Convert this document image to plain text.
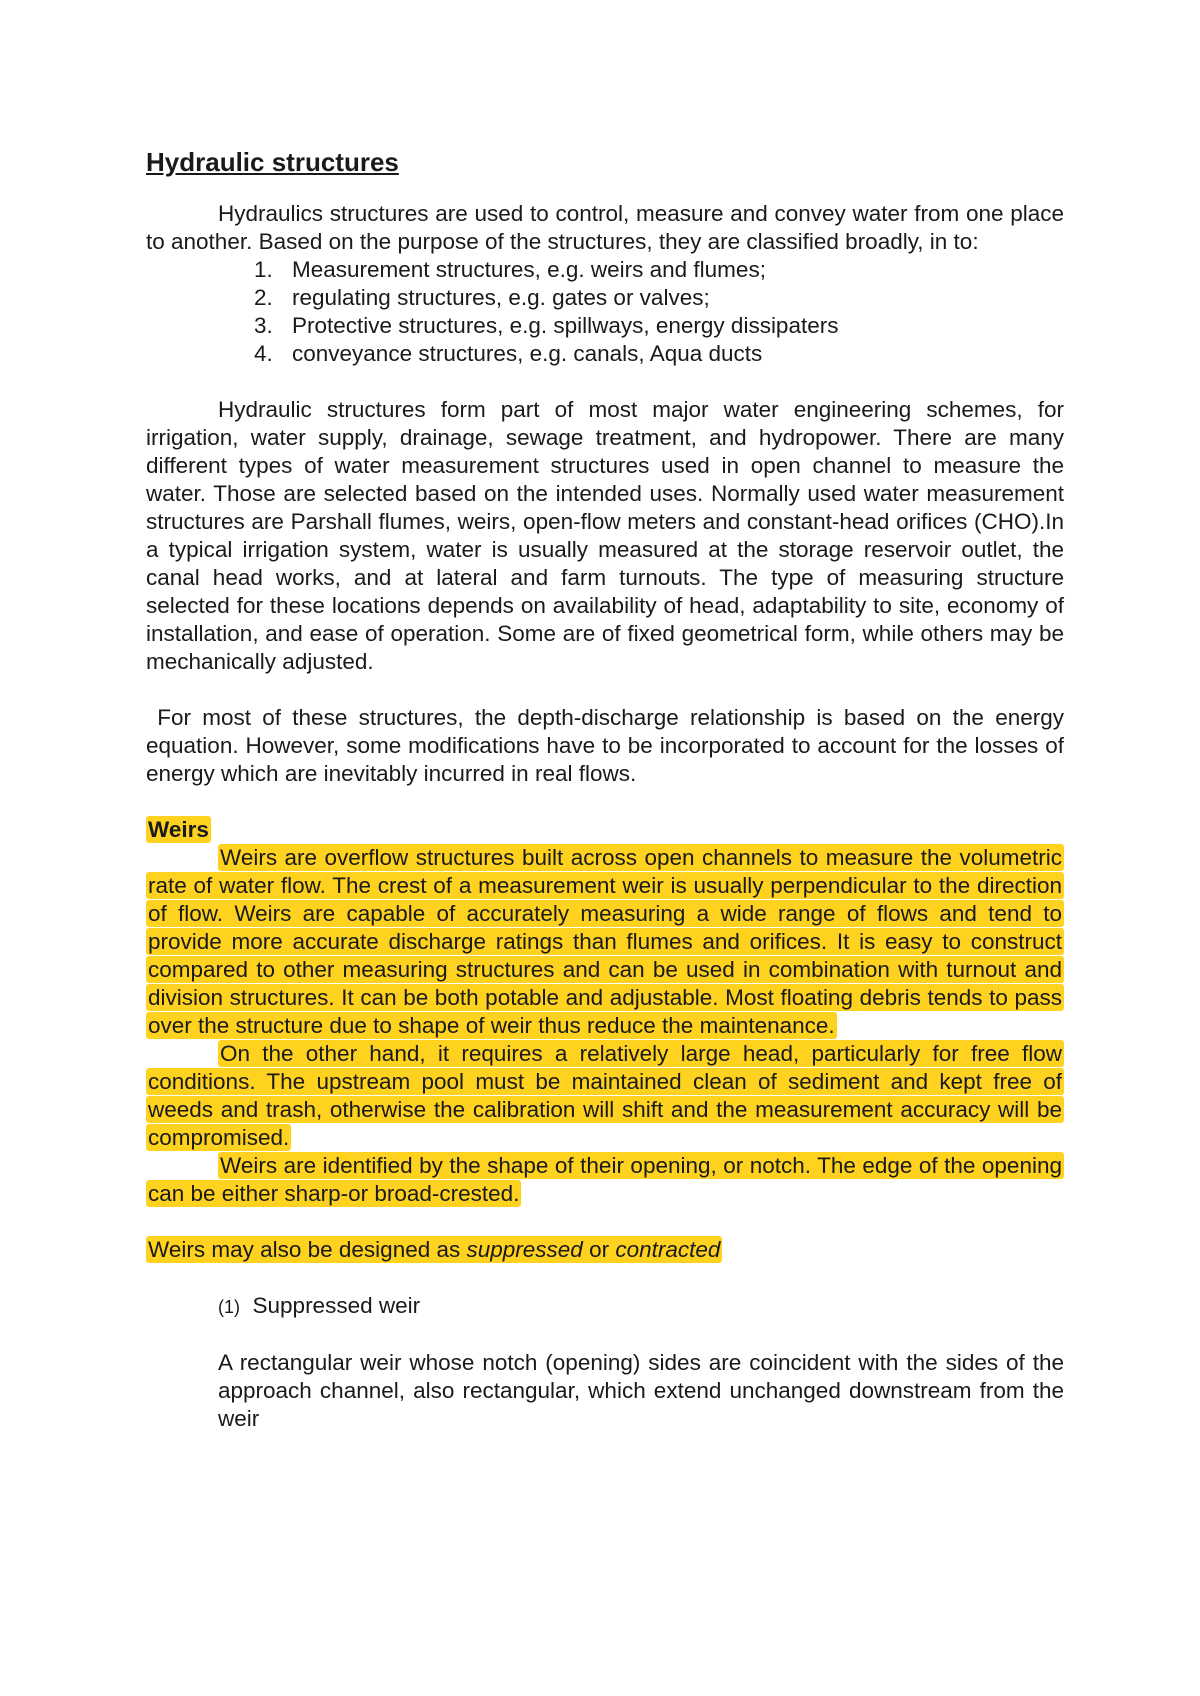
Hydraulic structures

Hydraulics structures are used to control, measure and convey water from one place to another. Based on the purpose of the structures, they are classified broadly, in to:

1. Measurement structures, e.g. weirs and flumes;
2. regulating structures, e.g. gates or valves;
3. Protective structures, e.g. spillways, energy dissipaters
4. conveyance structures, e.g. canals, Aqua ducts

Hydraulic structures form part of most major water engineering schemes, for irrigation, water supply, drainage, sewage treatment, and hydropower. There are many different types of water measurement structures used in open channel to measure the water. Those are selected based on the intended uses. Normally used water measurement structures are Parshall flumes, weirs, open-flow meters and constant-head orifices (CHO).In a typical irrigation system, water is usually measured at the storage reservoir outlet, the canal head works, and at lateral and farm turnouts. The type of measuring structure selected for these locations depends on availability of head, adaptability to site, economy of installation, and ease of operation. Some are of fixed geometrical form, while others may be mechanically adjusted.

For most of these structures, the depth-discharge relationship is based on the energy equation. However, some modifications have to be incorporated to account for the losses of energy which are inevitably incurred in real flows.

Weirs

Weirs are overflow structures built across open channels to measure the volumetric rate of water flow. The crest of a measurement weir is usually perpendicular to the direction of flow. Weirs are capable of accurately measuring a wide range of flows and tend to provide more accurate discharge ratings than flumes and orifices. It is easy to construct compared to other measuring structures and can be used in combination with turnout and division structures. It can be both potable and adjustable. Most floating debris tends to pass over the structure due to shape of weir thus reduce the maintenance.

On the other hand, it requires a relatively large head, particularly for free flow conditions. The upstream pool must be maintained clean of sediment and kept free of weeds and trash, otherwise the calibration will shift and the measurement accuracy will be compromised.

Weirs are identified by the shape of their opening, or notch. The edge of the opening can be either sharp-or broad-crested.

Weirs may also be designed as suppressed or contracted

(1) Suppressed weir

A rectangular weir whose notch (opening) sides are coincident with the sides of the approach channel, also rectangular, which extend unchanged downstream from the weir
